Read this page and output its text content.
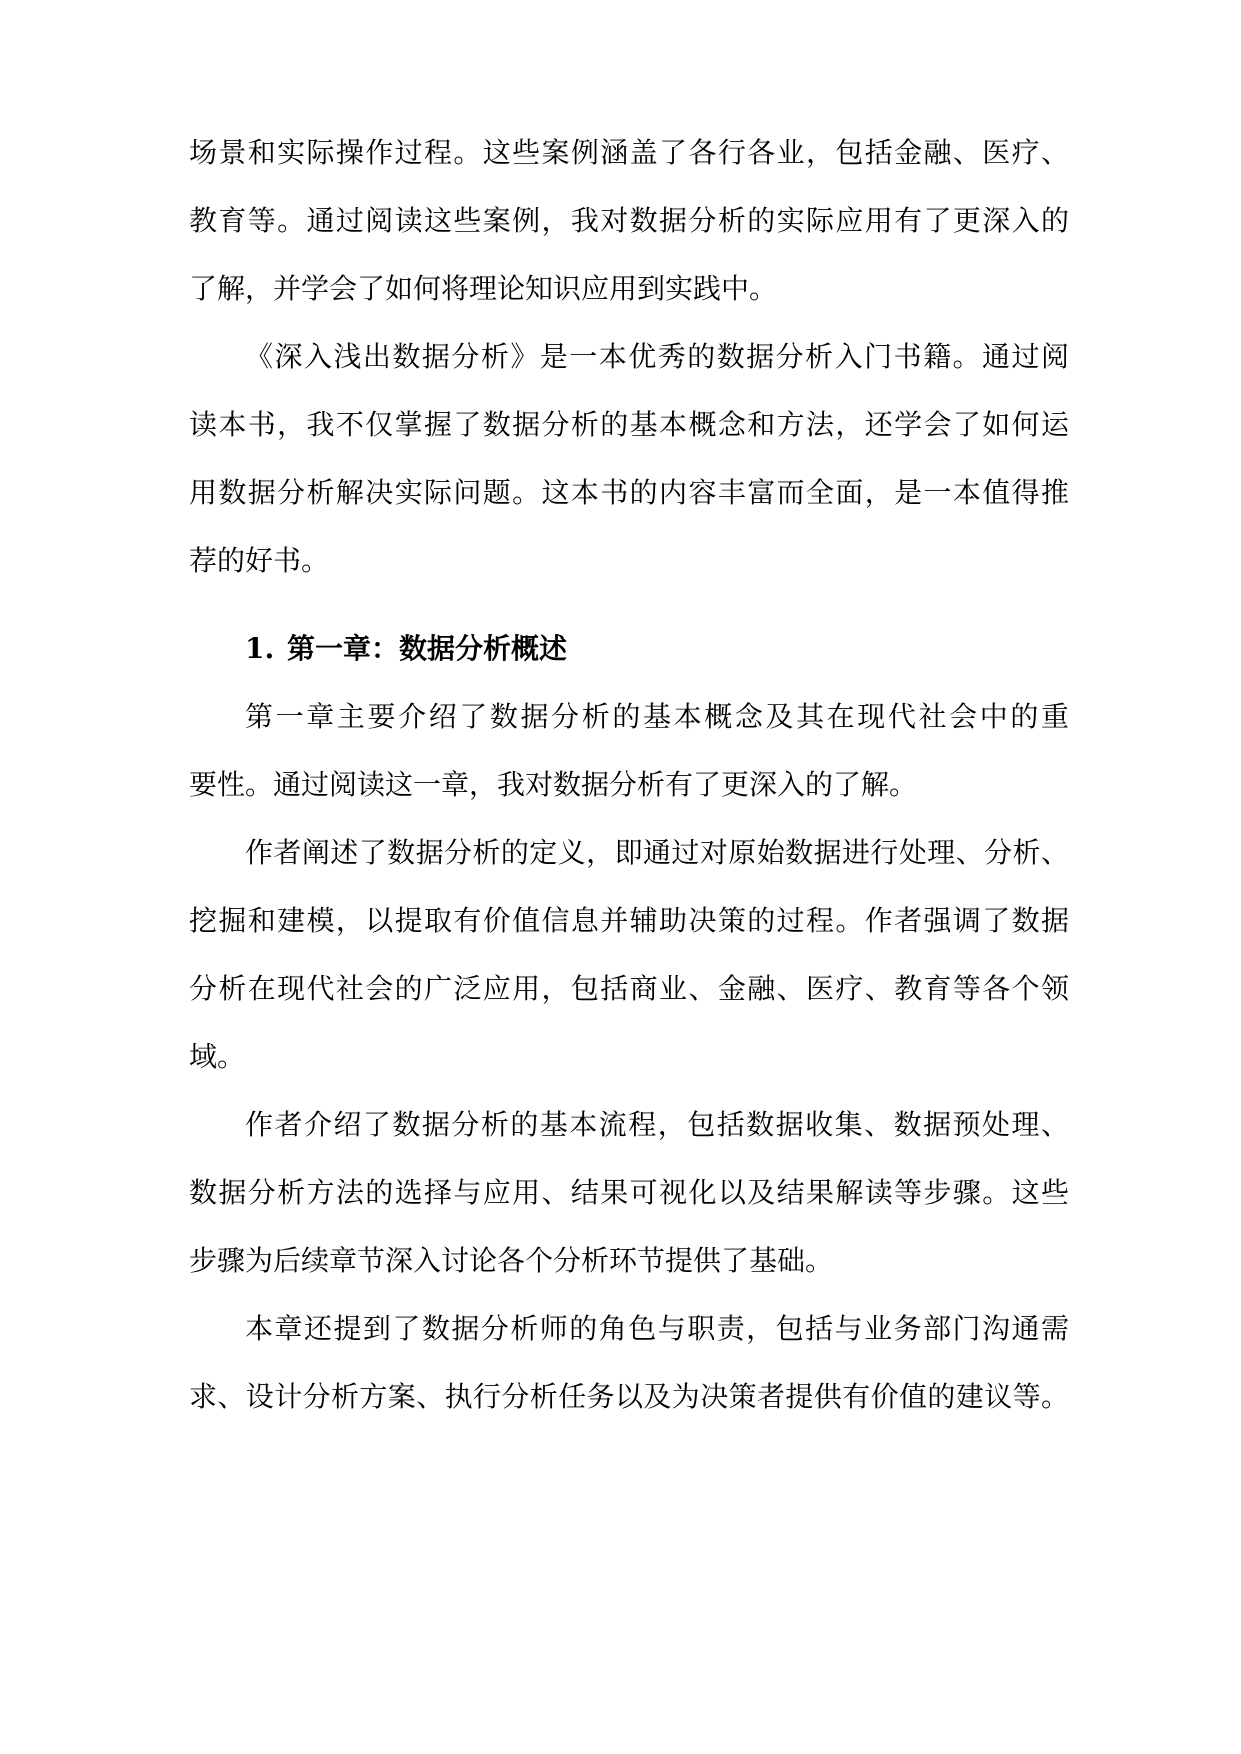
场景和实际操作过程。这些案例涵盖了各行各业，包括金融、医疗、

教育等。通过阅读这些案例，我对数据分析的实际应用有了更深入的

了解，并学会了如何将理论知识应用到实践中。

《深入浅出数据分析》是一本优秀的数据分析入门书籍。通过阅

读本书，我不仅掌握了数据分析的基本概念和方法，还学会了如何运

用数据分析解决实际问题。这本书的内容丰富而全面，是一本值得推

荐的好书。

1. 第一章：数据分析概述

第一章主要介绍了数据分析的基本概念及其在现代社会中的重

要性。通过阅读这一章，我对数据分析有了更深入的了解。

作者阐述了数据分析的定义，即通过对原始数据进行处理、分析、

挖掘和建模，以提取有价值信息并辅助决策的过程。作者强调了数据

分析在现代社会的广泛应用，包括商业、金融、医疗、教育等各个领

域。

作者介绍了数据分析的基本流程，包括数据收集、数据预处理、

数据分析方法的选择与应用、结果可视化以及结果解读等步骤。这些

步骤为后续章节深入讨论各个分析环节提供了基础。

本章还提到了数据分析师的角色与职责，包括与业务部门沟通需

求、设计分析方案、执行分析任务以及为决策者提供有价值的建议等。
